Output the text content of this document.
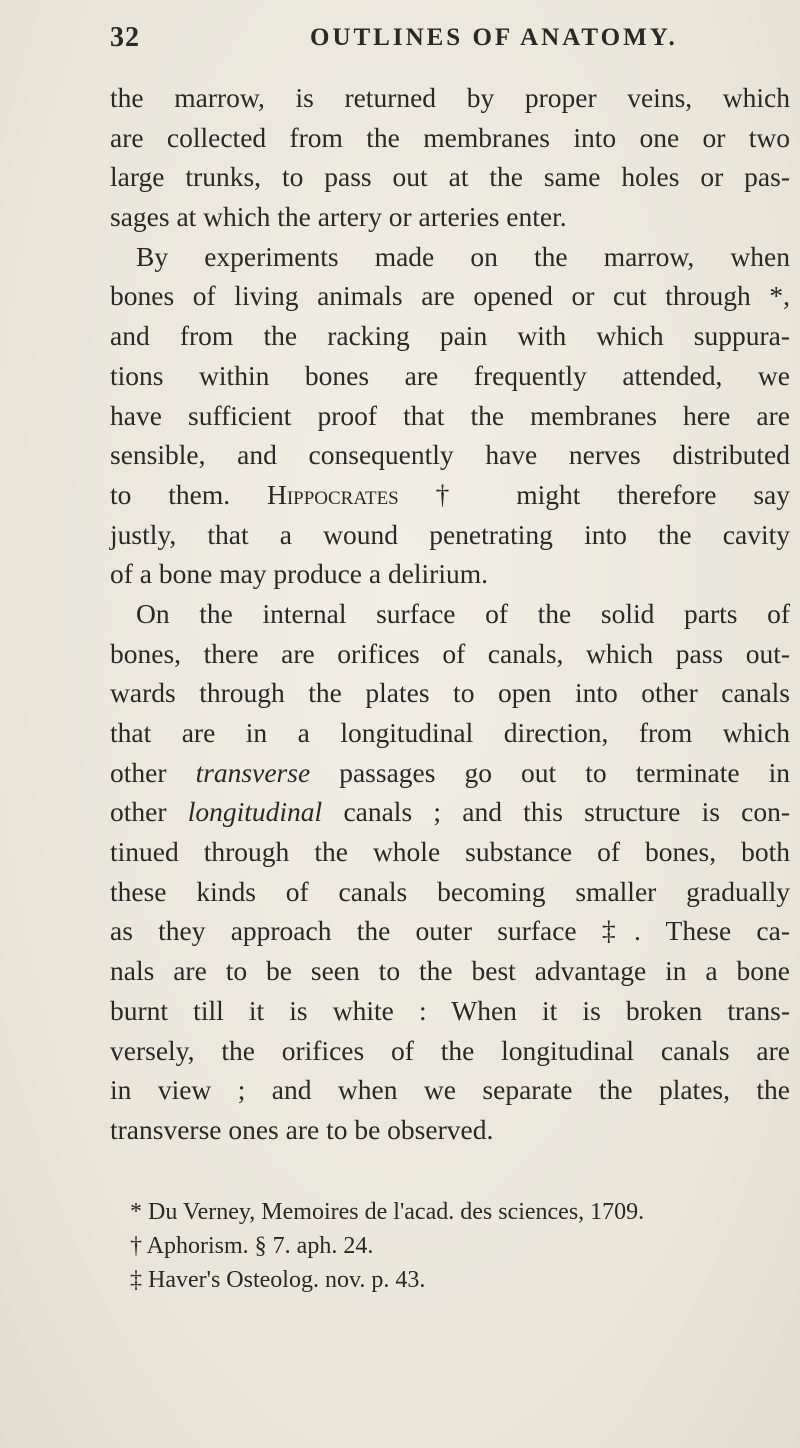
32	OUTLINES OF ANATOMY.
the marrow, is returned by proper veins, which
are collected from the membranes into one or two
large trunks, to pass out at the same holes or pas-
sages at which the artery or arteries enter.
By experiments made on the marrow, when
bones of living animals are opened or cut through *,
and from the racking pain with which suppura-
tions within bones are frequently attended, we
have sufficient proof that the membranes here are
sensible, and consequently have nerves distributed
to them. Hippocrates † might therefore say
justly, that a wound penetrating into the cavity
of a bone may produce a delirium.
On the internal surface of the solid parts of
bones, there are orifices of canals, which pass out-
wards through the plates to open into other canals
that are in a longitudinal direction, from which
other transverse passages go out to terminate in
other longitudinal canals ; and this structure is con-
tinued through the whole substance of bones, both
these kinds of canals becoming smaller gradually
as they approach the outer surface ‡. These ca-
nals are to be seen to the best advantage in a bone
burnt till it is white : When it is broken trans-
versely, the orifices of the longitudinal canals are
in view ; and when we separate the plates, the
transverse ones are to be observed.
* Du Verney, Memoires de l'acad. des sciences, 1709.
† Aphorism. § 7. aph. 24.
‡ Haver's Osteolog. nov. p. 43.
